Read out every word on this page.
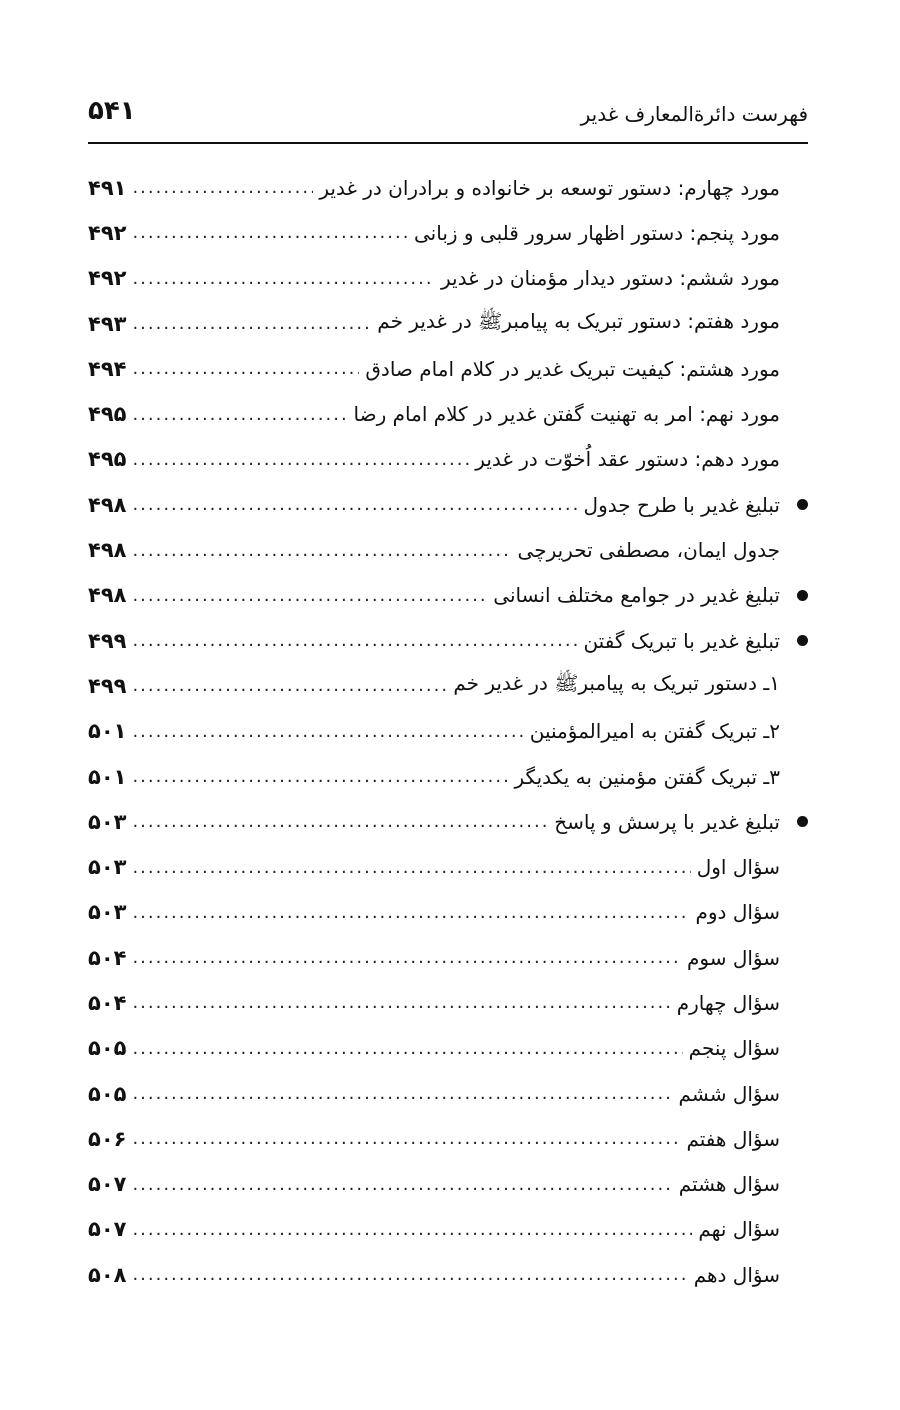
فهرست دائرةالمعارف غدیر
۵۴۱
مورد چهارم: دستور توسعه بر خانواده و برادران در غدیر
.....
۴۹۱
مورد پنجم: دستور اظهار سرور قلبی و زبانی
.....
۴۹۲
مورد ششم: دستور دیدار مؤمنان در غدیر
.....
۴۹۲
مورد هفتم: دستور تبریک به پیامبرﷺ در غدیر خم
.....
۴۹۳
مورد هشتم: کیفیت تبریک غدیر در کلام امام صادق
.....
۴۹۴
مورد نهم: امر به تهنیت گفتن غدیر در کلام امام رضا
.....
۴۹۵
مورد دهم: دستور عقد اُخوّت در غدیر
.....
۴۹۵
تبلیغ غدیر با طرح جدول
.....
۴۹۸
جدول ایمان، مصطفی تحریرچی
.....
۴۹۸
تبلیغ غدیر در جوامع مختلف انسانی
.....
۴۹۸
تبلیغ غدیر با تبریک گفتن
.....
۴۹۹
۱ـ دستور تبریک به پیامبرﷺ در غدیر خم
.....
۴۹۹
۲ـ تبریک گفتن به امیرالمؤمنین
.....
۵۰۱
۳ـ تبریک گفتن مؤمنین به یکدیگر
.....
۵۰۱
تبلیغ غدیر با پرسش و پاسخ
.....
۵۰۳
سؤال اول
.....
۵۰۳
سؤال دوم
.....
۵۰۳
سؤال سوم
.....
۵۰۴
سؤال چهارم
.....
۵۰۴
سؤال پنجم
.....
۵۰۵
سؤال ششم
.....
۵۰۵
سؤال هفتم
.....
۵۰۶
سؤال هشتم
.....
۵۰۷
سؤال نهم
.....
۵۰۷
سؤال دهم
.....
۵۰۸
